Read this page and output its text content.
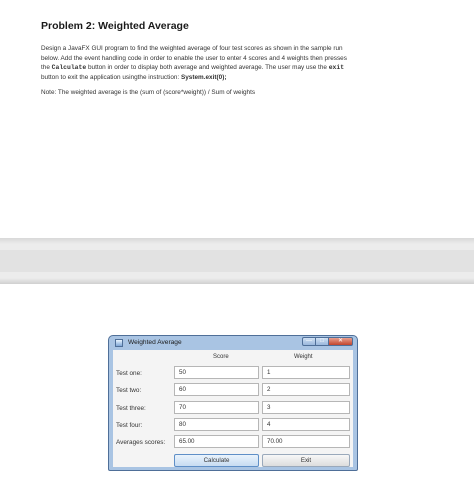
Problem 2: Weighted Average

Design a JavaFX GUI program to find the weighted average of four test scores as shown in the sample run
below. Add the event handling code in order to enable the user to enter 4 scores and 4 weights then presses
the Calculate button in order to display both average and weighted average. The user may use the exit
button to exit the application usingthe instruction: System.exit(0);

Note: The weighted average is the (sum of (score*weight)) / Sum of weights

Weighted Average	—	□	✕
Score	Weight
Test one:	50	1
Test two:	60	2
Test three:	70	3
Test four:	80	4
Averages scores:	65.00	70.00
Calculate	Exit
